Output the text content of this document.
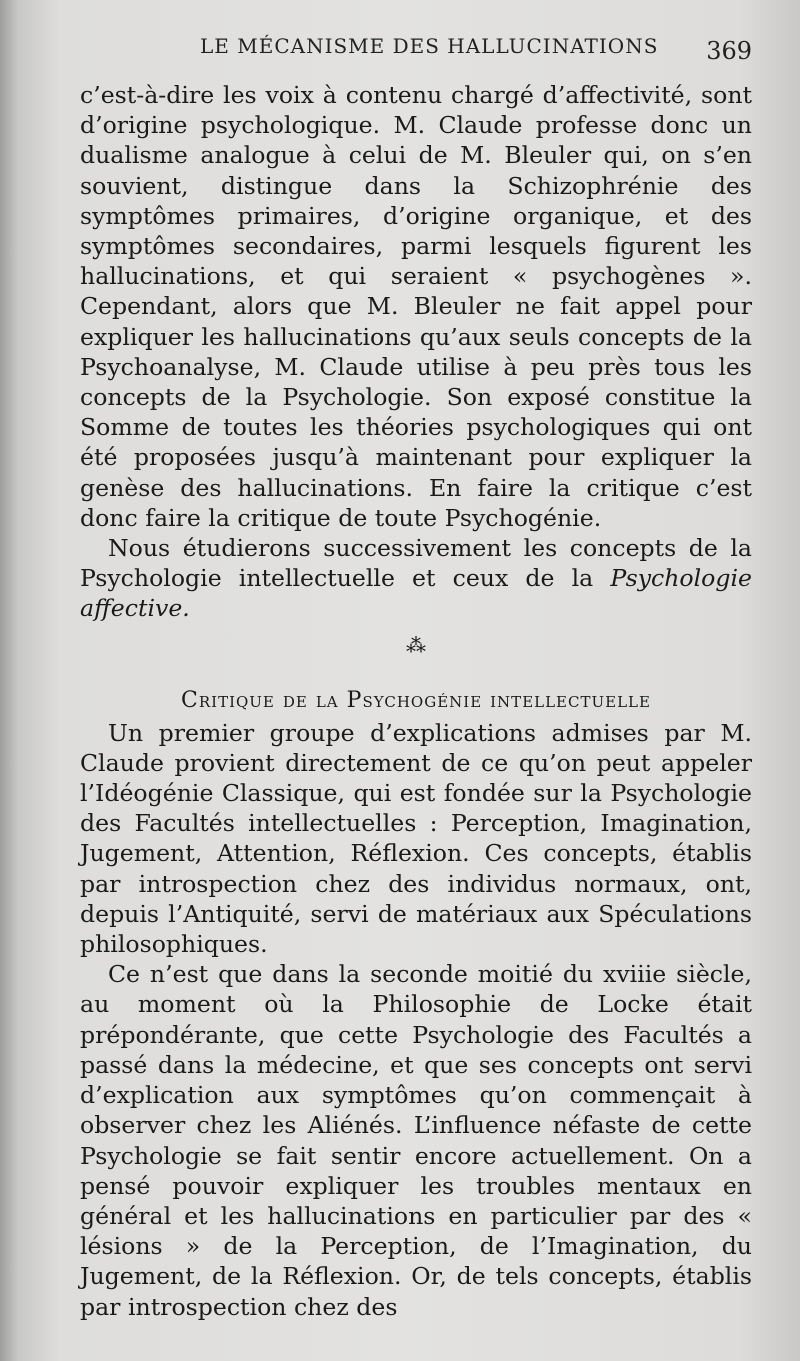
LE MÉCANISME DES HALLUCINATIONS 369

c’est-à-dire les voix à contenu chargé d’affectivité, sont d’origine psychologique. M. Claude professe donc un dualisme analogue à celui de M. Bleuler qui, on s’en souvient, distingue dans la Schizophrénie des symptômes primaires, d’origine organique, et des symptômes secondaires, parmi lesquels figurent les hallucinations, et qui seraient « psychogènes ». Cependant, alors que M. Bleuler ne fait appel pour expliquer les hallucinations qu’aux seuls concepts de la Psychoanalyse, M. Claude utilise à peu près tous les concepts de la Psychologie. Son exposé constitue la Somme de toutes les théories psychologiques qui ont été proposées jusqu’à maintenant pour expliquer la genèse des hallucinations. En faire la critique c’est donc faire la critique de toute Psychogénie.

Nous étudierons successivement les concepts de la Psychologie intellectuelle et ceux de la Psychologie affective.

⁂
Critique de la Psychogénie intellectuelle

Un premier groupe d’explications admises par M. Claude provient directement de ce qu’on peut appeler l’Idéogénie Classique, qui est fondée sur la Psychologie des Facultés intellectuelles : Perception, Imagination, Jugement, Attention, Réflexion. Ces concepts, établis par introspection chez des individus normaux, ont, depuis l’Antiquité, servi de matériaux aux Spéculations philosophiques.

Ce n’est que dans la seconde moitié du xviiie siècle, au moment où la Philosophie de Locke était prépondérante, que cette Psychologie des Facultés a passé dans la médecine, et que ses concepts ont servi d’explication aux symptômes qu’on commençait à observer chez les Aliénés. L’influence néfaste de cette Psychologie se fait sentir encore actuellement. On a pensé pouvoir expliquer les troubles mentaux en général et les hallucinations en particulier par des « lésions » de la Perception, de l’Imagination, du Jugement, de la Réflexion. Or, de tels concepts, établis par introspection chez des
